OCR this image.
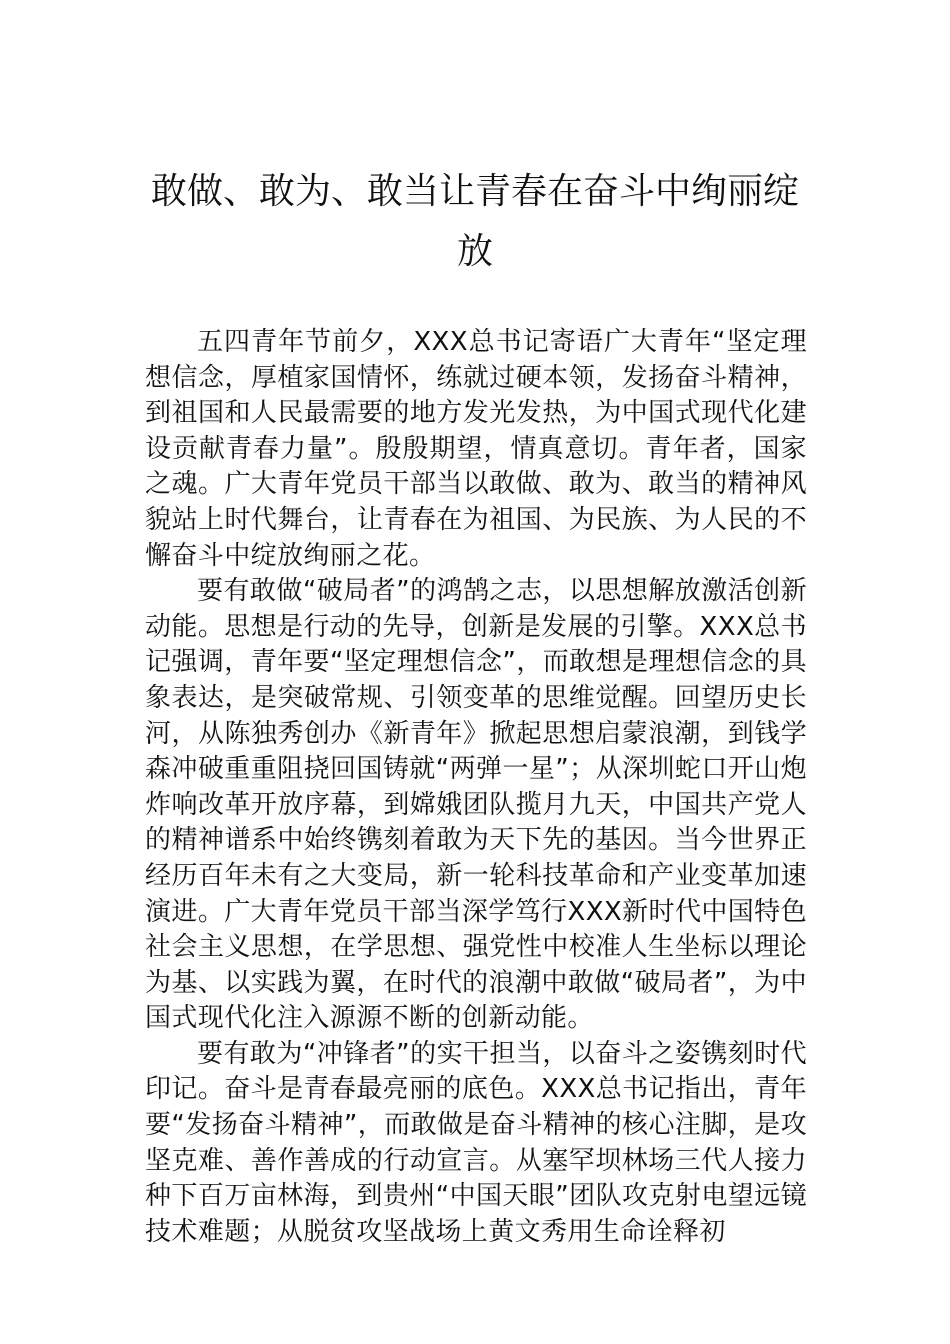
敢做、敢为、敢当让青春在奋斗中绚丽绽放

五四青年节前夕，XXX总书记寄语广大青年“坚定理想信念，厚植家国情怀，练就过硬本领，发扬奋斗精神，到祖国和人民最需要的地方发光发热，为中国式现代化建设贡献青春力量”。殷殷期望，情真意切。青年者，国家之魂。广大青年党员干部当以敢做、敢为、敢当的精神风貌站上时代舞台，让青春在为祖国、为民族、为人民的不懈奋斗中绽放绚丽之花。

要有敢做“破局者”的鸿鹄之志，以思想解放激活创新动能。思想是行动的先导，创新是发展的引擎。XXX总书记强调，青年要“坚定理想信念”，而敢想是理想信念的具象表达，是突破常规、引领变革的思维觉醒。回望历史长河，从陈独秀创办《新青年》掀起思想启蒙浪潮，到钱学森冲破重重阻挠回国铸就“两弹一星”；从深圳蛇口开山炮炸响改革开放序幕，到嫦娥团队揽月九天，中国共产党人的精神谱系中始终镌刻着敢为天下先的基因。当今世界正经历百年未有之大变局，新一轮科技革命和产业变革加速演进。广大青年党员干部当深学笃行XXX新时代中国特色社会主义思想，在学思想、强党性中校准人生坐标以理论为基、以实践为翼，在时代的浪潮中敢做“破局者”，为中国式现代化注入源源不断的创新动能。

要有敢为“冲锋者”的实干担当，以奋斗之姿镌刻时代印记。奋斗是青春最亮丽的底色。XXX总书记指出，青年要“发扬奋斗精神”，而敢做是奋斗精神的核心注脚，是攻坚克难、善作善成的行动宣言。从塞罕坝林场三代人接力种下百万亩林海，到贵州“中国天眼”团队攻克射电望远镜技术难题；从脱贫攻坚战场上黄文秀用生命诠释初
